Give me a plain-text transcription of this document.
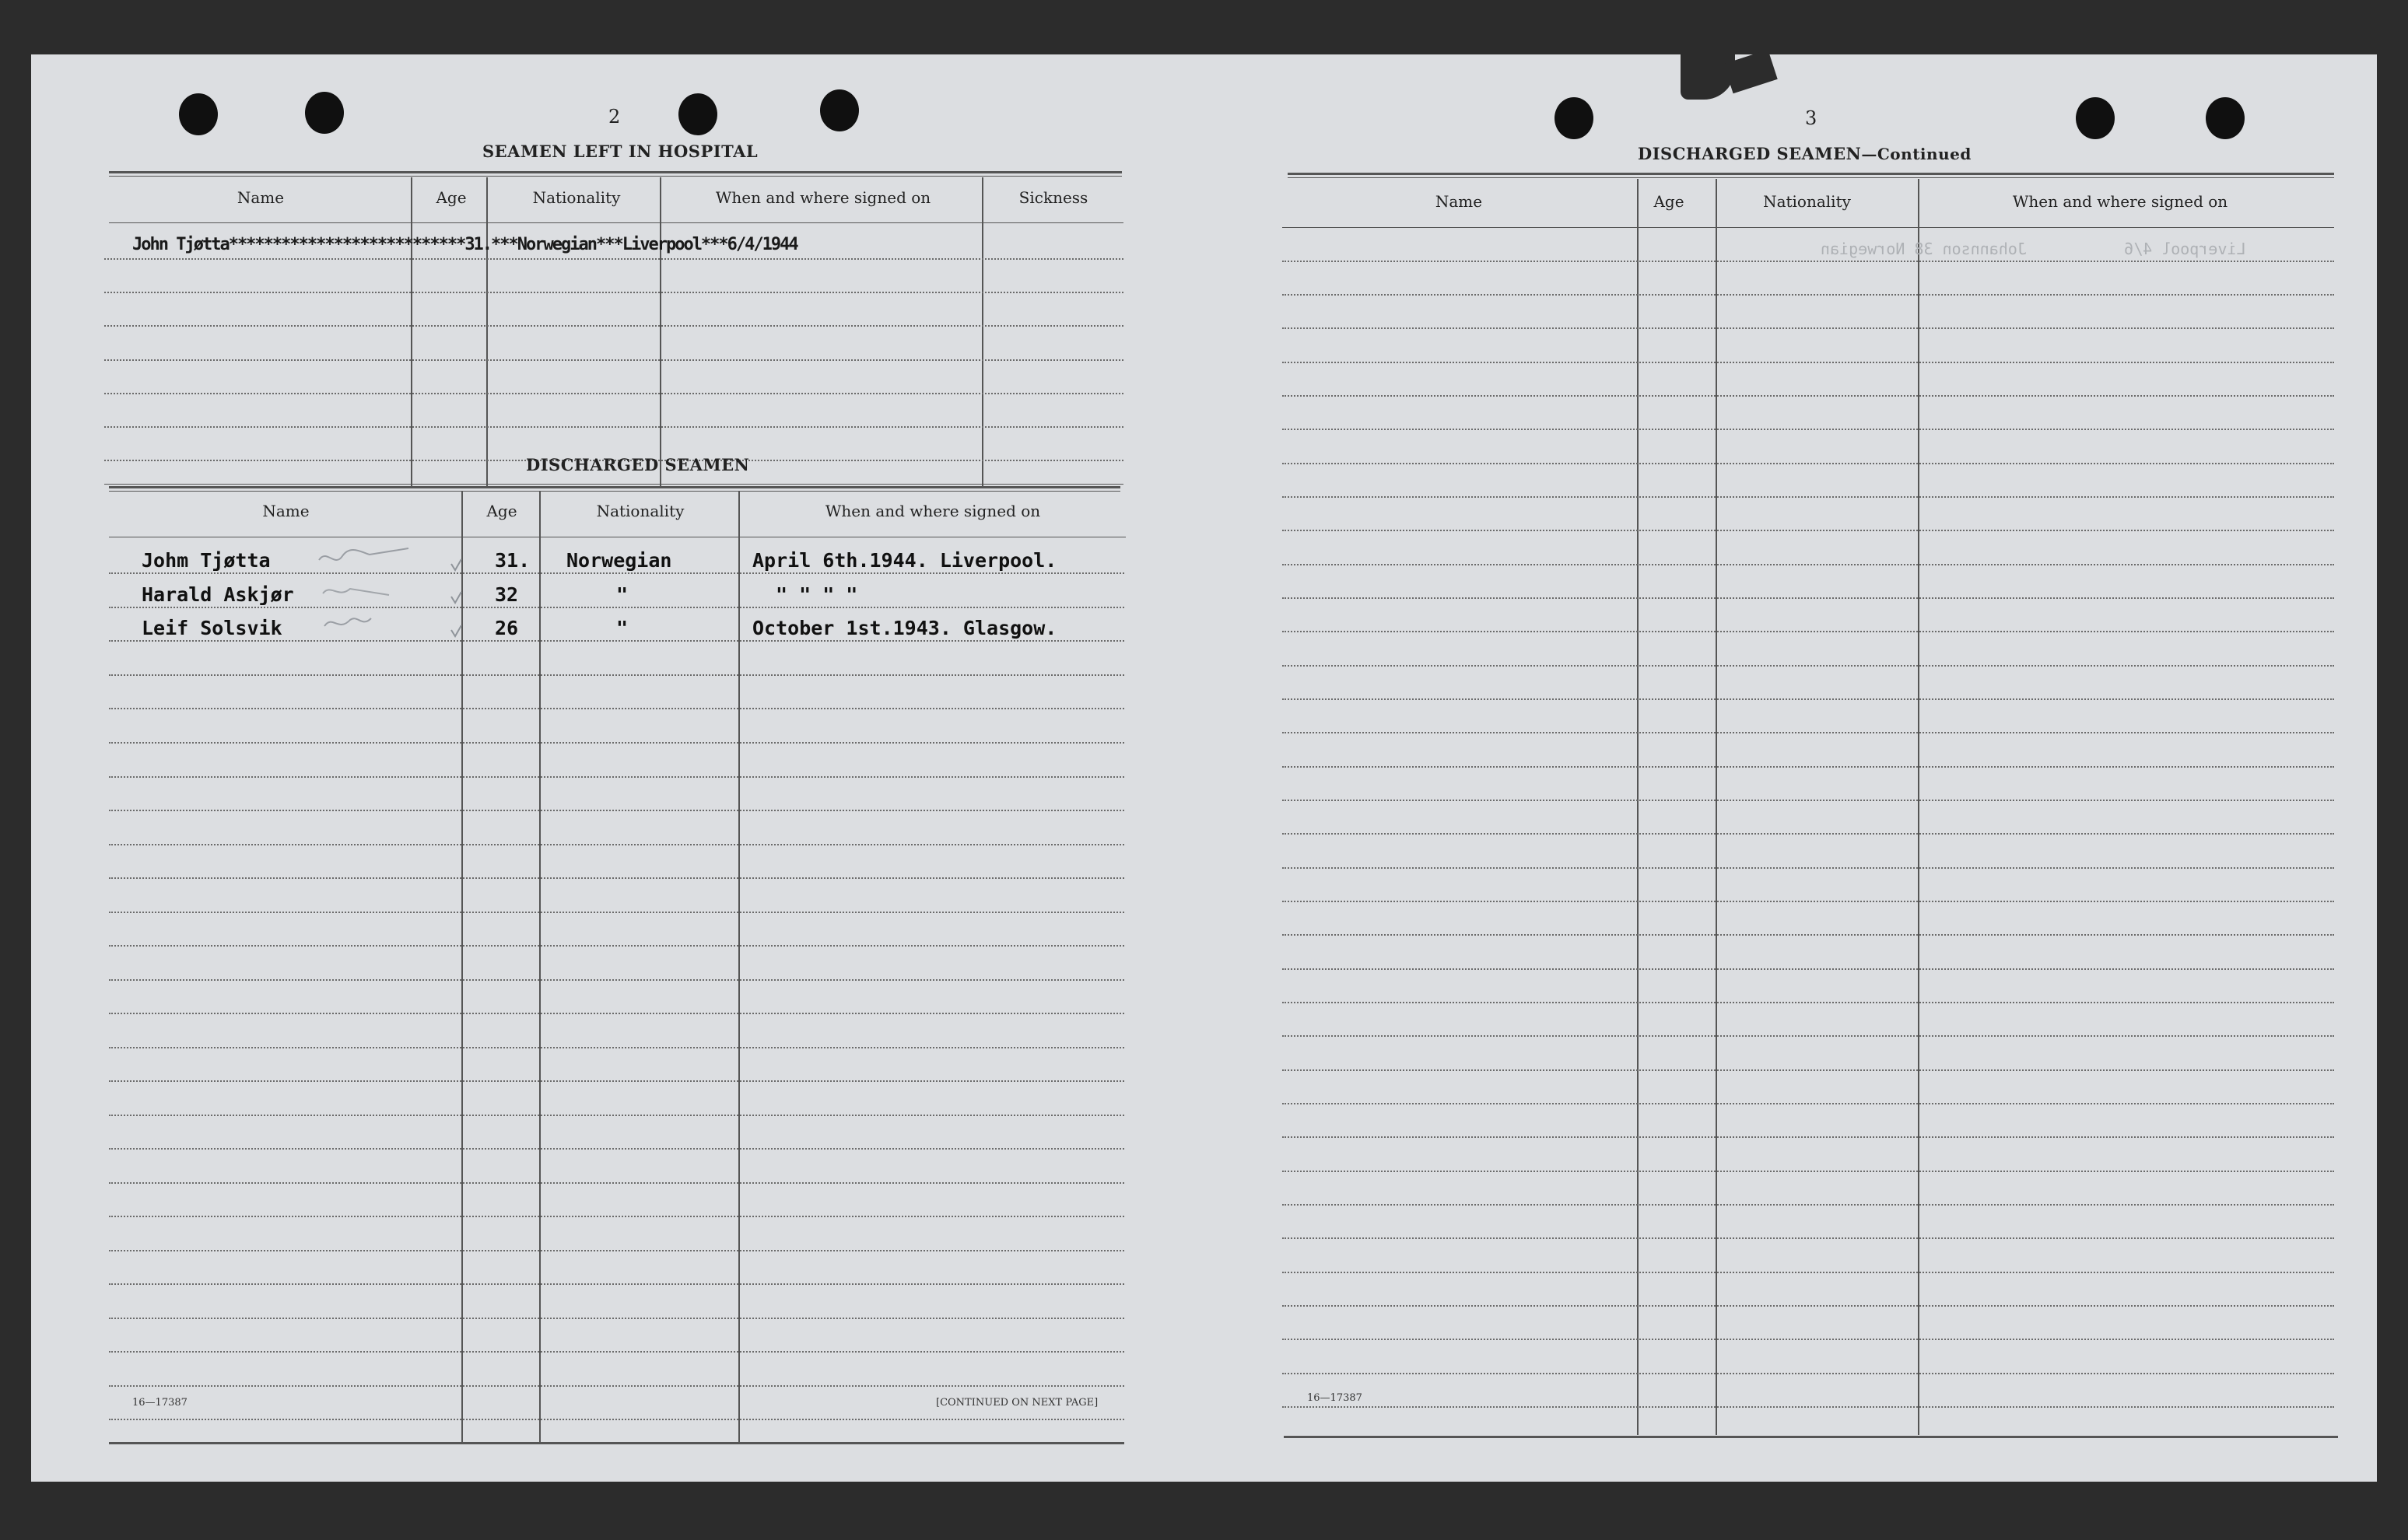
2
SEAMEN LEFT IN HOSPITAL
Name	Age	Nationality	When and where signed on	Sickness
John Tjøtta***************************31.***Norwegian***Liverpool***6/4/1944
DISCHARGED SEAMEN
Name	Age	Nationality	When and where signed on
Johm Tjøtta	31. Norwegian	April 6th.1944. Liverpool.
Harald Askjør	32	"	" " " "
Leif Solsvik	26	"	October 1st.1943. Glasgow.
16—17387	[CONTINUED ON NEXT PAGE]
3
DISCHARGED SEAMEN—Continued
Name	Age	Nationality	When and where signed on
Johannson 38 Norwegian	Liverpool 4/6
16—17387
